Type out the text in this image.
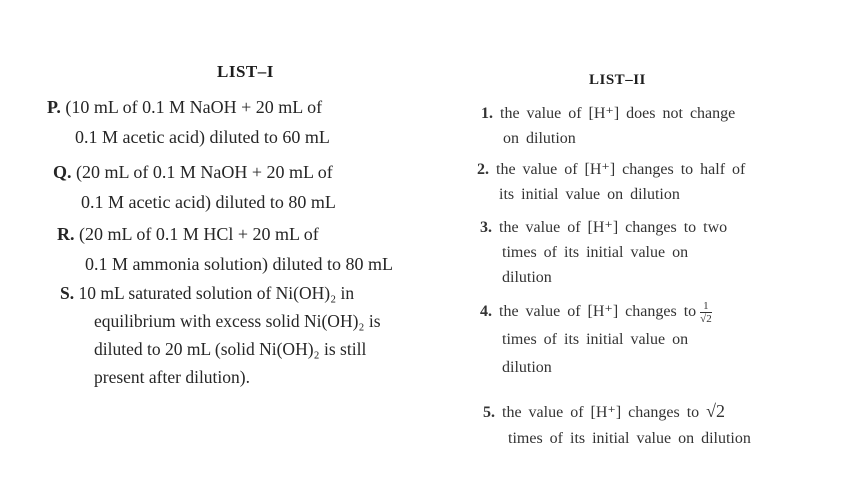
LIST–I	LIST–II
P. (10 mL of 0.1 M NaOH + 20 mL of
0.1 M acetic acid) diluted to 60 mL
Q. (20 mL of 0.1 M NaOH + 20 mL of
0.1 M acetic acid) diluted to 80 mL
R. (20 mL of 0.1 M HCl + 20 mL of
0.1 M ammonia solution) diluted to 80 mL
S. 10 mL saturated solution of Ni(OH)₂ in
equilibrium with excess solid Ni(OH)₂ is
diluted to 20 mL (solid Ni(OH)₂ is still
present after dilution).
1. the value of [H⁺] does not change
on dilution
2. the value of [H⁺] changes to half of
its initial value on dilution
3. the value of [H⁺] changes to two
times of its initial value on
dilution
4. the value of [H⁺] changes to $\frac{1}{√2}$
times of its initial value on
dilution
5. the value of [H⁺] changes to √2
times of its initial value on dilution
